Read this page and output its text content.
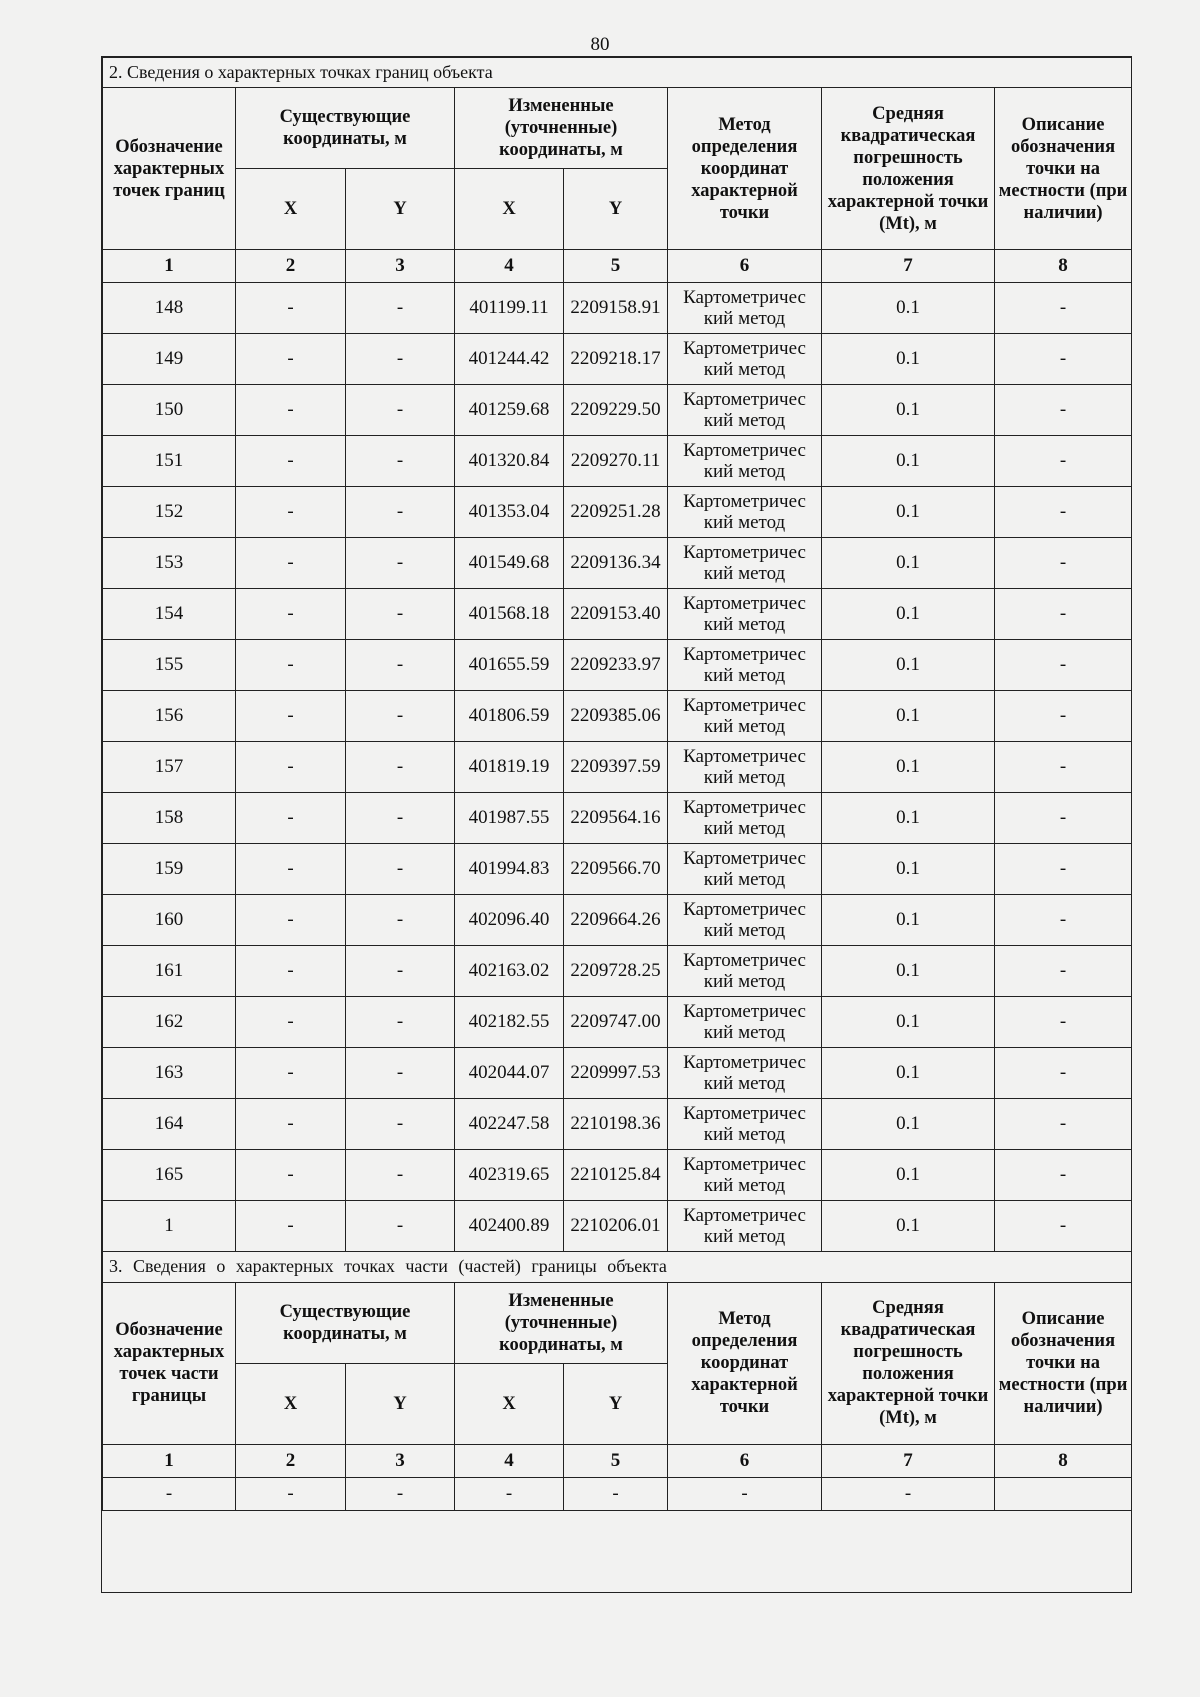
80
2. Сведения о характерных точках границ объекта							
Обозначение характерных точек границ	Существующие координаты, м		Измененные (уточненные) координаты, м		Метод определения координат характерной точки	Средняя квадратическая погрешность положения характерной точки (Mt), м	Описание обозначения точки на местности (при наличии)
	X	Y	X	Y			
1	2	3	4	5	6	7	8
148	-	-	401199.11	2209158.91	Картометричес кий метод	0.1	-
149	-	-	401244.42	2209218.17	Картометричес кий метод	0.1	-
150	-	-	401259.68	2209229.50	Картометричес кий метод	0.1	-
151	-	-	401320.84	2209270.11	Картометричес кий метод	0.1	-
152	-	-	401353.04	2209251.28	Картометричес кий метод	0.1	-
153	-	-	401549.68	2209136.34	Картометричес кий метод	0.1	-
154	-	-	401568.18	2209153.40	Картометричес кий метод	0.1	-
155	-	-	401655.59	2209233.97	Картометричес кий метод	0.1	-
156	-	-	401806.59	2209385.06	Картометричес кий метод	0.1	-
157	-	-	401819.19	2209397.59	Картометричес кий метод	0.1	-
158	-	-	401987.55	2209564.16	Картометричес кий метод	0.1	-
159	-	-	401994.83	2209566.70	Картометричес кий метод	0.1	-
160	-	-	402096.40	2209664.26	Картометричес кий метод	0.1	-
161	-	-	402163.02	2209728.25	Картометричес кий метод	0.1	-
162	-	-	402182.55	2209747.00	Картометричес кий метод	0.1	-
163	-	-	402044.07	2209997.53	Картометричес кий метод	0.1	-
164	-	-	402247.58	2210198.36	Картометричес кий метод	0.1	-
165	-	-	402319.65	2210125.84	Картометричес кий метод	0.1	-
1	-	-	402400.89	2210206.01	Картометричес кий метод	0.1	-
3. Сведения о характерных точках части (частей) границы объекта							
Обозначение характерных точек части границы	Существующие координаты, м		Измененные (уточненные) координаты, м		Метод определения координат характерной точки	Средняя квадратическая погрешность положения характерной точки (Mt), м	Описание обозначения точки на местности (при наличии)
	X	Y	X	Y			
1	2	3	4	5	6	7	8
-	-	-	-	-	-	-	
